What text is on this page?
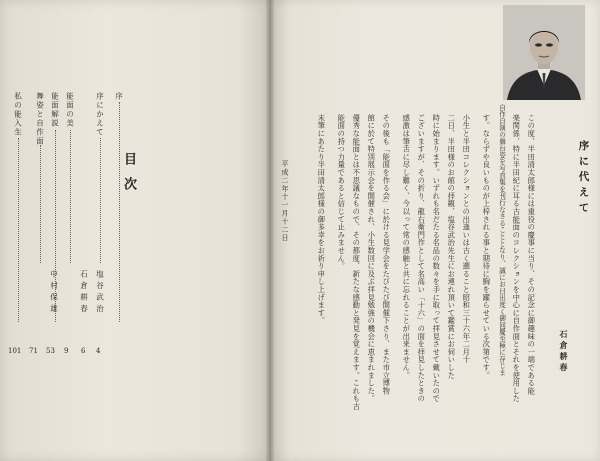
目次
序
序にかえて
塩谷武治
能面の美
石倉耕春
能面解説
舞姿と自作面
中村保雄
私の能入生
4
6
9
53
71
101
序に代えて
石倉耕春
この度、半田清太郎様には重役の慶事に当り、その記念に御趣味の一端である能
楽関係、特に半田紀に耳る古能面のコレクションを中心に自作面とそれを使用した
自作自演の舞台姿を写真集を刊行なさることとなり、誠にお目出度く御同慶至極に存じま
す。ならずや良いものが上梓される事と期待に胸を躍らせている次第です。
小生と半田コレクションとの出逢いは古く遡ること昭和三十六年二月十
二日、半田様のお館の拝観、塩谷武治先生にお連れ頂いて鑑賞にお伺いした
時に始まります。いずれも名だたる名品の数々を手に取って拝見させて戴いたので
ございますが、その折り、龍右衛門作として名高い「十六」の面を拝見したときの
感激は筆舌に尽し難く、今以って常の感触と共に忘れることが出来ません。
その後も「能面を作る会」に於ける見学会をたびたび開催下さり、また市立博物
館に於て特別展示会を開催され、小生数回に及ぶ拝見勉強の機会に恵まれました。
優秀な能面とは不思議なもので、その都度、新たな感動と発見を覚えます。これも古
能面の持つ力量であると信じて止みません。
末筆にあたり半田清太郎様の御多幸をお祈り申し上げます。
平成二年十一月十二日
